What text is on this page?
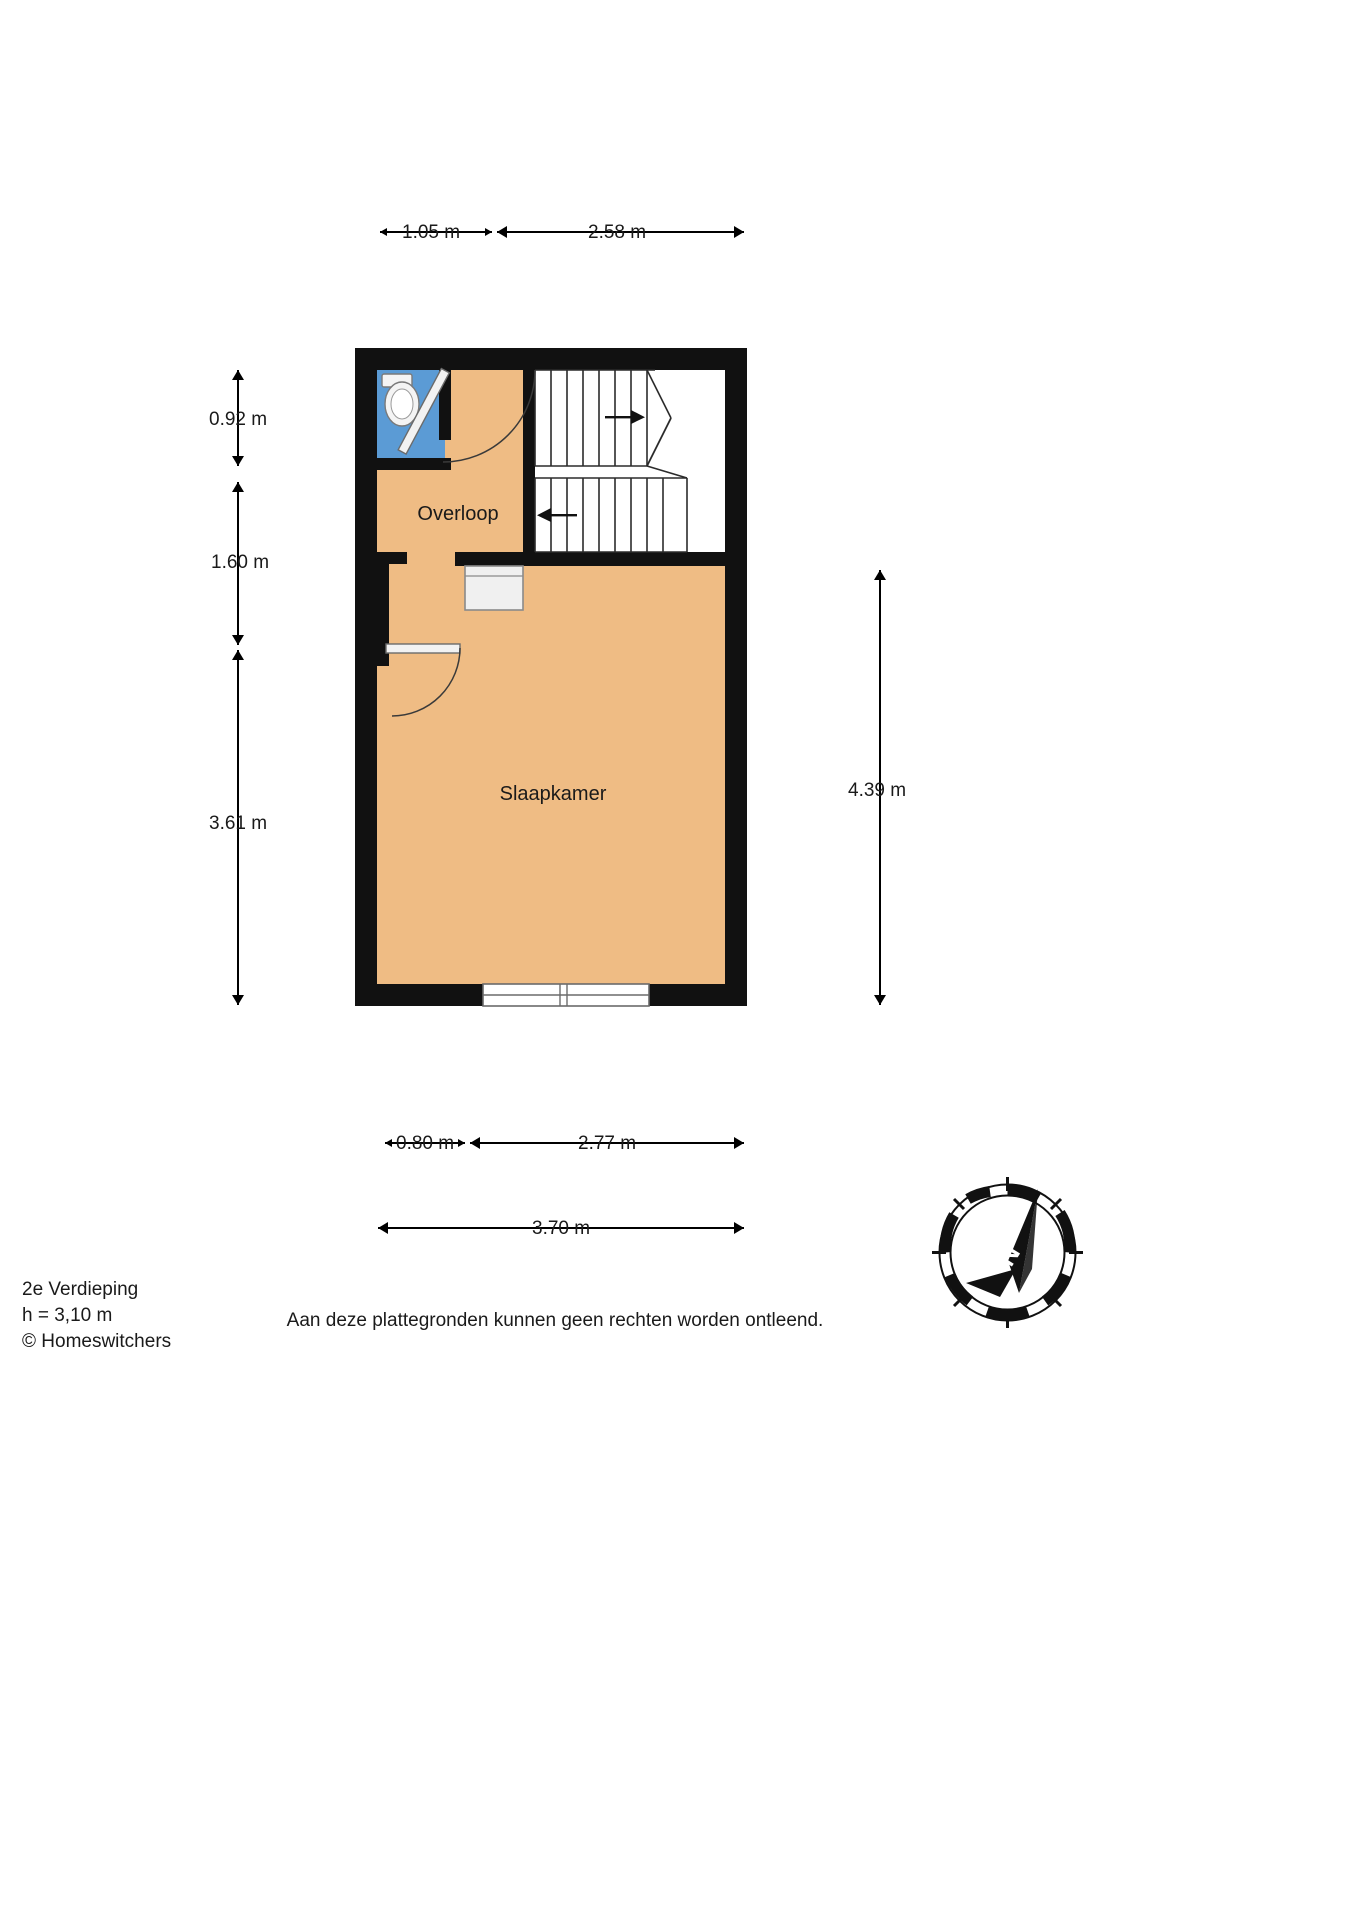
1.05 m	2.58 m
0.92 m
1.60 m
3.61 m
4.39 m
0.80 m	2.77 m
3.70 m
Overloop
Slaapkamer
N
2e Verdieping
h = 3,10 m
© Homeswitchers
Aan deze plattegronden kunnen geen rechten worden ontleend.
